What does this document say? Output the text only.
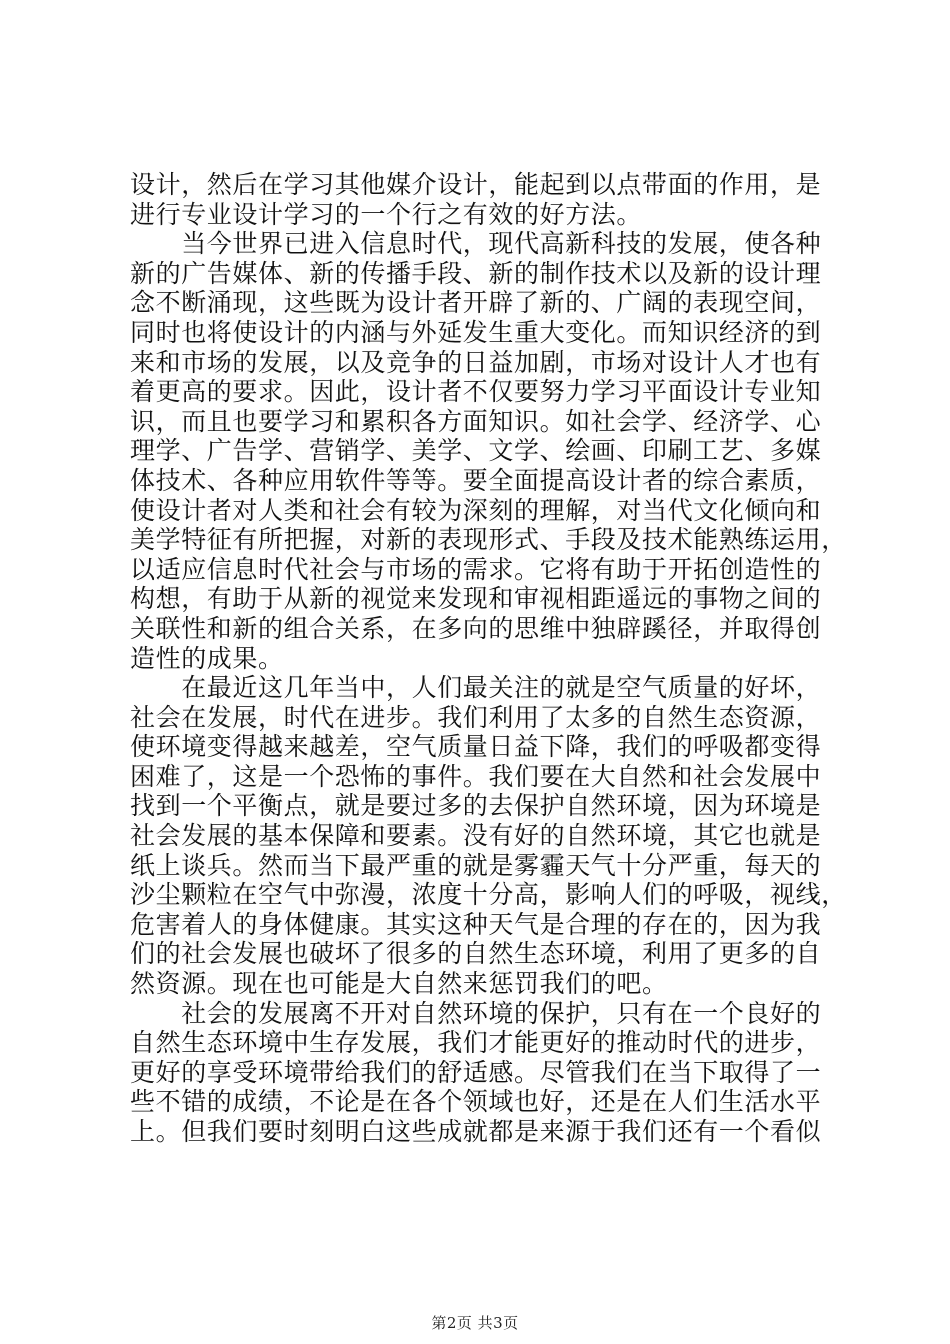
设计，然后在学习其他媒介设计，能起到以点带面的作用，是
进行专业设计学习的一个行之有效的好方法。
　　当今世界已进入信息时代，现代高新科技的发展，使各种
新的广告媒体、新的传播手段、新的制作技术以及新的设计理
念不断涌现，这些既为设计者开辟了新的、广阔的表现空间，
同时也将使设计的内涵与外延发生重大变化。而知识经济的到
来和市场的发展，以及竞争的日益加剧，市场对设计人才也有
着更高的要求。因此，设计者不仅要努力学习平面设计专业知
识，而且也要学习和累积各方面知识。如社会学、经济学、心
理学、广告学、营销学、美学、文学、绘画、印刷工艺、多媒
体技术、各种应用软件等等。要全面提高设计者的综合素质，
使设计者对人类和社会有较为深刻的理解，对当代文化倾向和
美学特征有所把握，对新的表现形式、手段及技术能熟练运用，
以适应信息时代社会与市场的需求。它将有助于开拓创造性的
构想，有助于从新的视觉来发现和审视相距遥远的事物之间的
关联性和新的组合关系，在多向的思维中独辟蹊径，并取得创
造性的成果。
　　在最近这几年当中，人们最关注的就是空气质量的好坏，
社会在发展，时代在进步。我们利用了太多的自然生态资源，
使环境变得越来越差，空气质量日益下降，我们的呼吸都变得
困难了，这是一个恐怖的事件。我们要在大自然和社会发展中
找到一个平衡点，就是要过多的去保护自然环境，因为环境是
社会发展的基本保障和要素。没有好的自然环境，其它也就是
纸上谈兵。然而当下最严重的就是雾霾天气十分严重，每天的
沙尘颗粒在空气中弥漫，浓度十分高，影响人们的呼吸，视线，
危害着人的身体健康。其实这种天气是合理的存在的，因为我
们的社会发展也破坏了很多的自然生态环境，利用了更多的自
然资源。现在也可能是大自然来惩罚我们的吧。
　　社会的发展离不开对自然环境的保护，只有在一个良好的
自然生态环境中生存发展，我们才能更好的推动时代的进步，
更好的享受环境带给我们的舒适感。尽管我们在当下取得了一
些不错的成绩，不论是在各个领域也好，还是在人们生活水平
上。但我们要时刻明白这些成就都是来源于我们还有一个看似
第2页 共3页
